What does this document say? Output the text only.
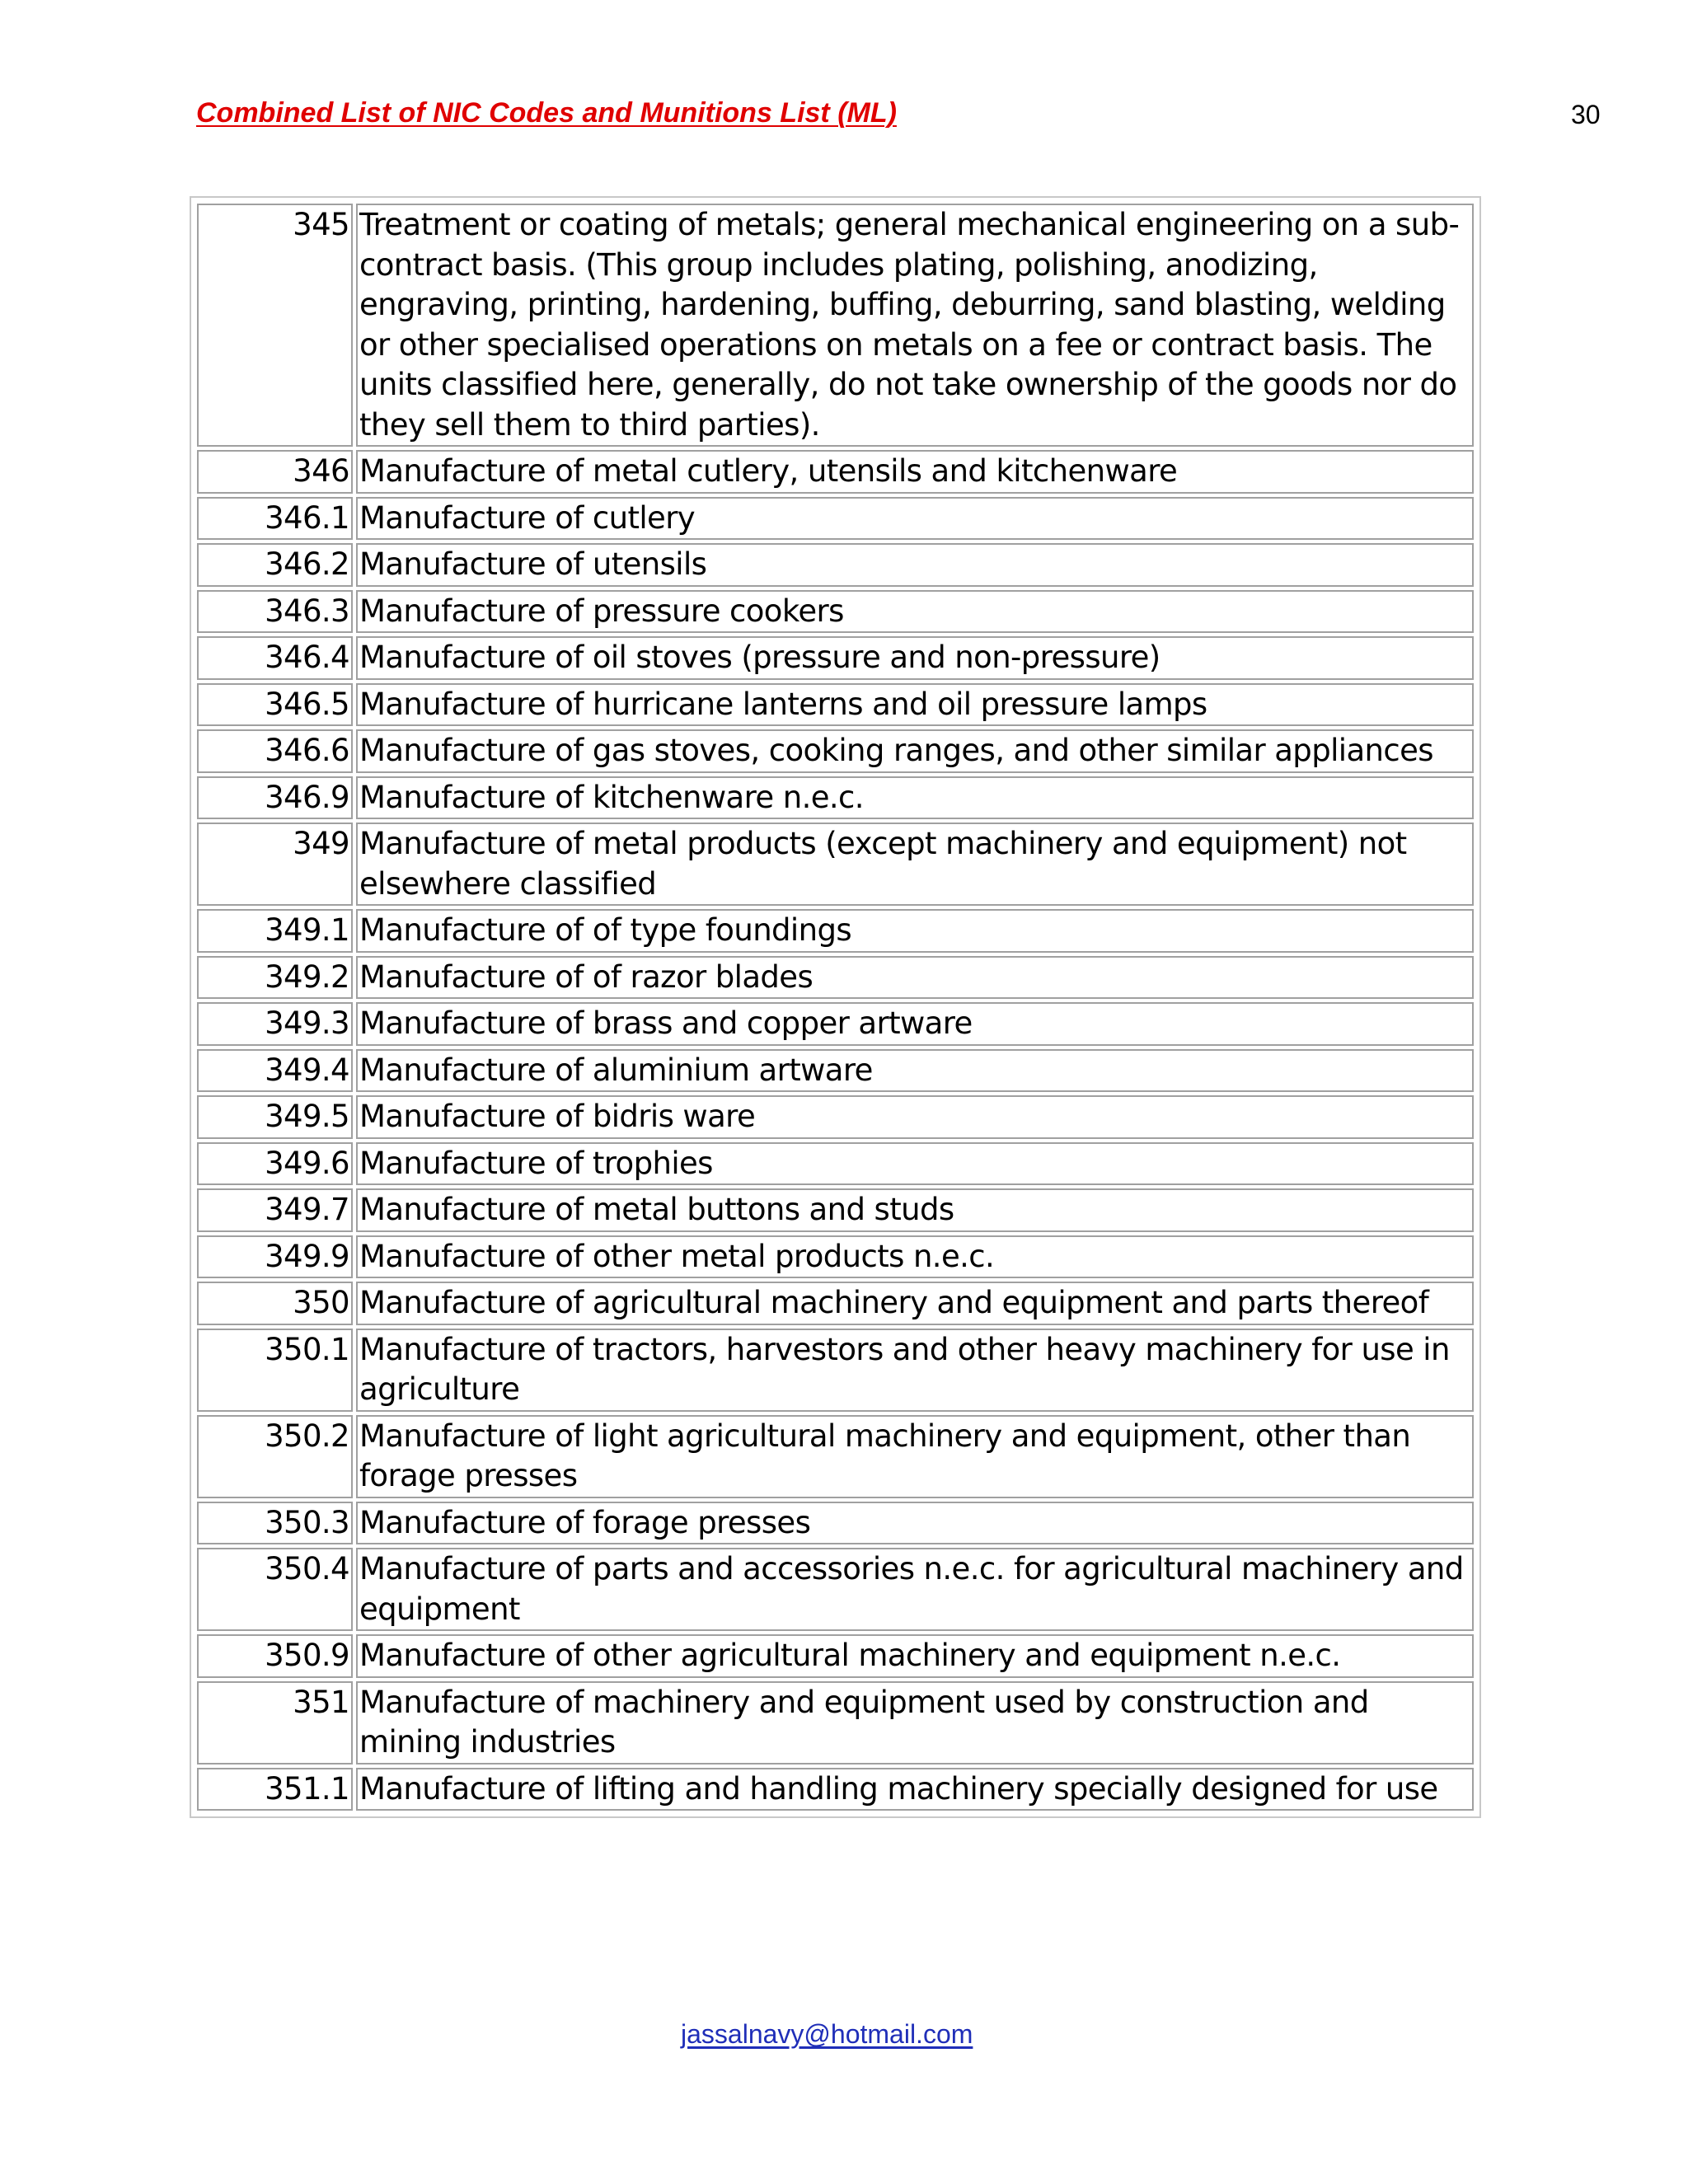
Combined List of NIC Codes and Munitions List (ML)	30
345	Treatment or coating of metals; general mechanical engineering on a sub-contract basis. (This group includes plating, polishing, anodizing, engraving, printing, hardening, buffing, deburring, sand blasting, welding or other specialised operations on metals on a fee or contract basis. The units classified here, generally, do not take ownership of the goods nor do they sell them to third parties).
346	Manufacture of metal cutlery, utensils and kitchenware
346.1	Manufacture of cutlery
346.2	Manufacture of utensils
346.3	Manufacture of pressure cookers
346.4	Manufacture of oil stoves (pressure and non-pressure)
346.5	Manufacture of hurricane lanterns and oil pressure lamps
346.6	Manufacture of gas stoves, cooking ranges, and other similar appliances
346.9	Manufacture of kitchenware n.e.c.
349	Manufacture of metal products (except machinery and equipment) not elsewhere classified
349.1	Manufacture of of type foundings
349.2	Manufacture of of razor blades
349.3	Manufacture of brass and copper artware
349.4	Manufacture of aluminium artware
349.5	Manufacture of bidris ware
349.6	Manufacture of trophies
349.7	Manufacture of metal buttons and studs
349.9	Manufacture of other metal products n.e.c.
350	Manufacture of agricultural machinery and equipment and parts thereof
350.1	Manufacture of tractors, harvestors and other heavy machinery for use in agriculture
350.2	Manufacture of light agricultural machinery and equipment, other than forage presses
350.3	Manufacture of forage presses
350.4	Manufacture of parts and accessories n.e.c. for agricultural machinery and equipment
350.9	Manufacture of other agricultural machinery and equipment n.e.c.
351	Manufacture of machinery and equipment used by construction and mining industries
351.1	Manufacture of lifting and handling machinery specially designed for use
jassalnavy@hotmail.com
